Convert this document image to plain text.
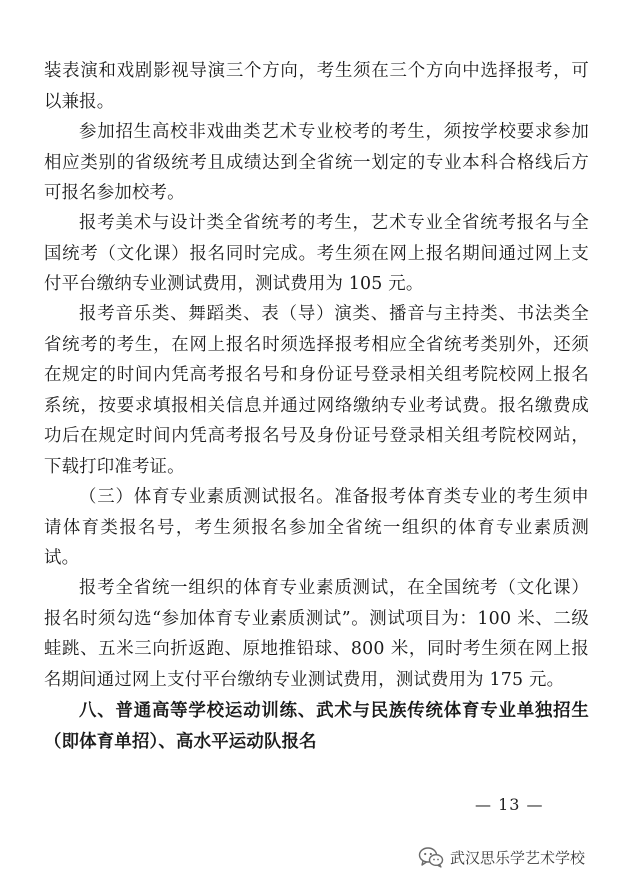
装表演和戏剧影视导演三个方向，考生须在三个方向中选择报考，可以兼报。

参加招生高校非戏曲类艺术专业校考的考生，须按学校要求参加相应类别的省级统考且成绩达到全省统一划定的专业本科合格线后方可报名参加校考。

报考美术与设计类全省统考的考生，艺术专业全省统考报名与全国统考（文化课）报名同时完成。考生须在网上报名期间通过网上支付平台缴纳专业测试费用，测试费用为 105 元。

报考音乐类、舞蹈类、表（导）演类、播音与主持类、书法类全省统考的考生，在网上报名时须选择报考相应全省统考类别外，还须在规定的时间内凭高考报名号和身份证号登录相关组考院校网上报名系统，按要求填报相关信息并通过网络缴纳专业考试费。报名缴费成功后在规定时间内凭高考报名号及身份证号登录相关组考院校网站，下载打印准考证。

（三）体育专业素质测试报名。准备报考体育类专业的考生须申请体育类报名号，考生须报名参加全省统一组织的体育专业素质测试。

报考全省统一组织的体育专业素质测试，在全国统考（文化课）报名时须勾选“参加体育专业素质测试”。测试项目为：100 米、二级蛙跳、五米三向折返跑、原地推铅球、800 米，同时考生须在网上报名期间通过网上支付平台缴纳专业测试费用，测试费用为 175 元。

八、普通高等学校运动训练、武术与民族传统体育专业单独招生（即体育单招）、高水平运动队报名

— 13 —
武汉思乐学艺术学校
